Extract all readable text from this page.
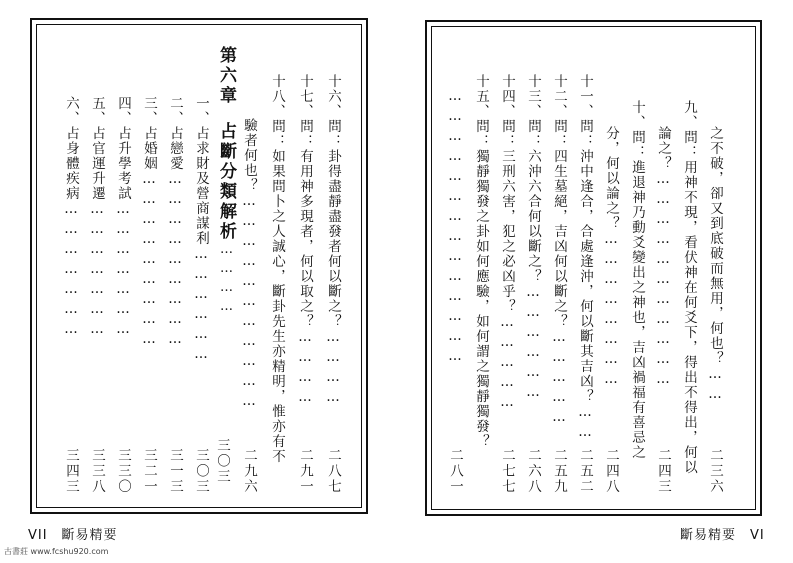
十六、問：卦得盡靜盡發者何以斷之？…………
二八七
十七、問：有用神多現者，何以取之？…………
二九一
十八、問：如果問卜之人誠心，斷卦先生亦精明，惟亦有不
驗者何也？……………………………
二九六
第六章占斷分類解析…………
三〇三
一、占求財及營商謀利………………
三〇三
二、占戀愛………………………
三一三
三、占婚姻………………………
三二一
四、占升學考試…………………
三三〇
五、占官運升遷…………………
三三八
六、占身體疾病…………………
三四三
之不破，卻又到底破而無用，何也？……
二三六
九、問：用神不現，看伏神在何爻下，得出不得出，何以
論之？……………………………
二四三
十、問：進退神乃動爻變出之神也，吉凶禍福有喜忌之
分，何以論之？……………………
二四八
十一、問：沖中逢合，合處逢沖，何以斷其吉凶？……
二五二
十二、問：四生墓絕，吉凶何以斷之？……………
二五九
十三、問：六沖六合何以斷之？………………
二六八
十四、問：三刑六害，犯之必凶乎？……………
二七七
十五、問：獨靜獨發之卦如何應驗，如何謂之獨靜獨發？
……………………………………
二八一
VII　斷易精要	斷易精要　VI
古書莊 www.fcshu920.com
